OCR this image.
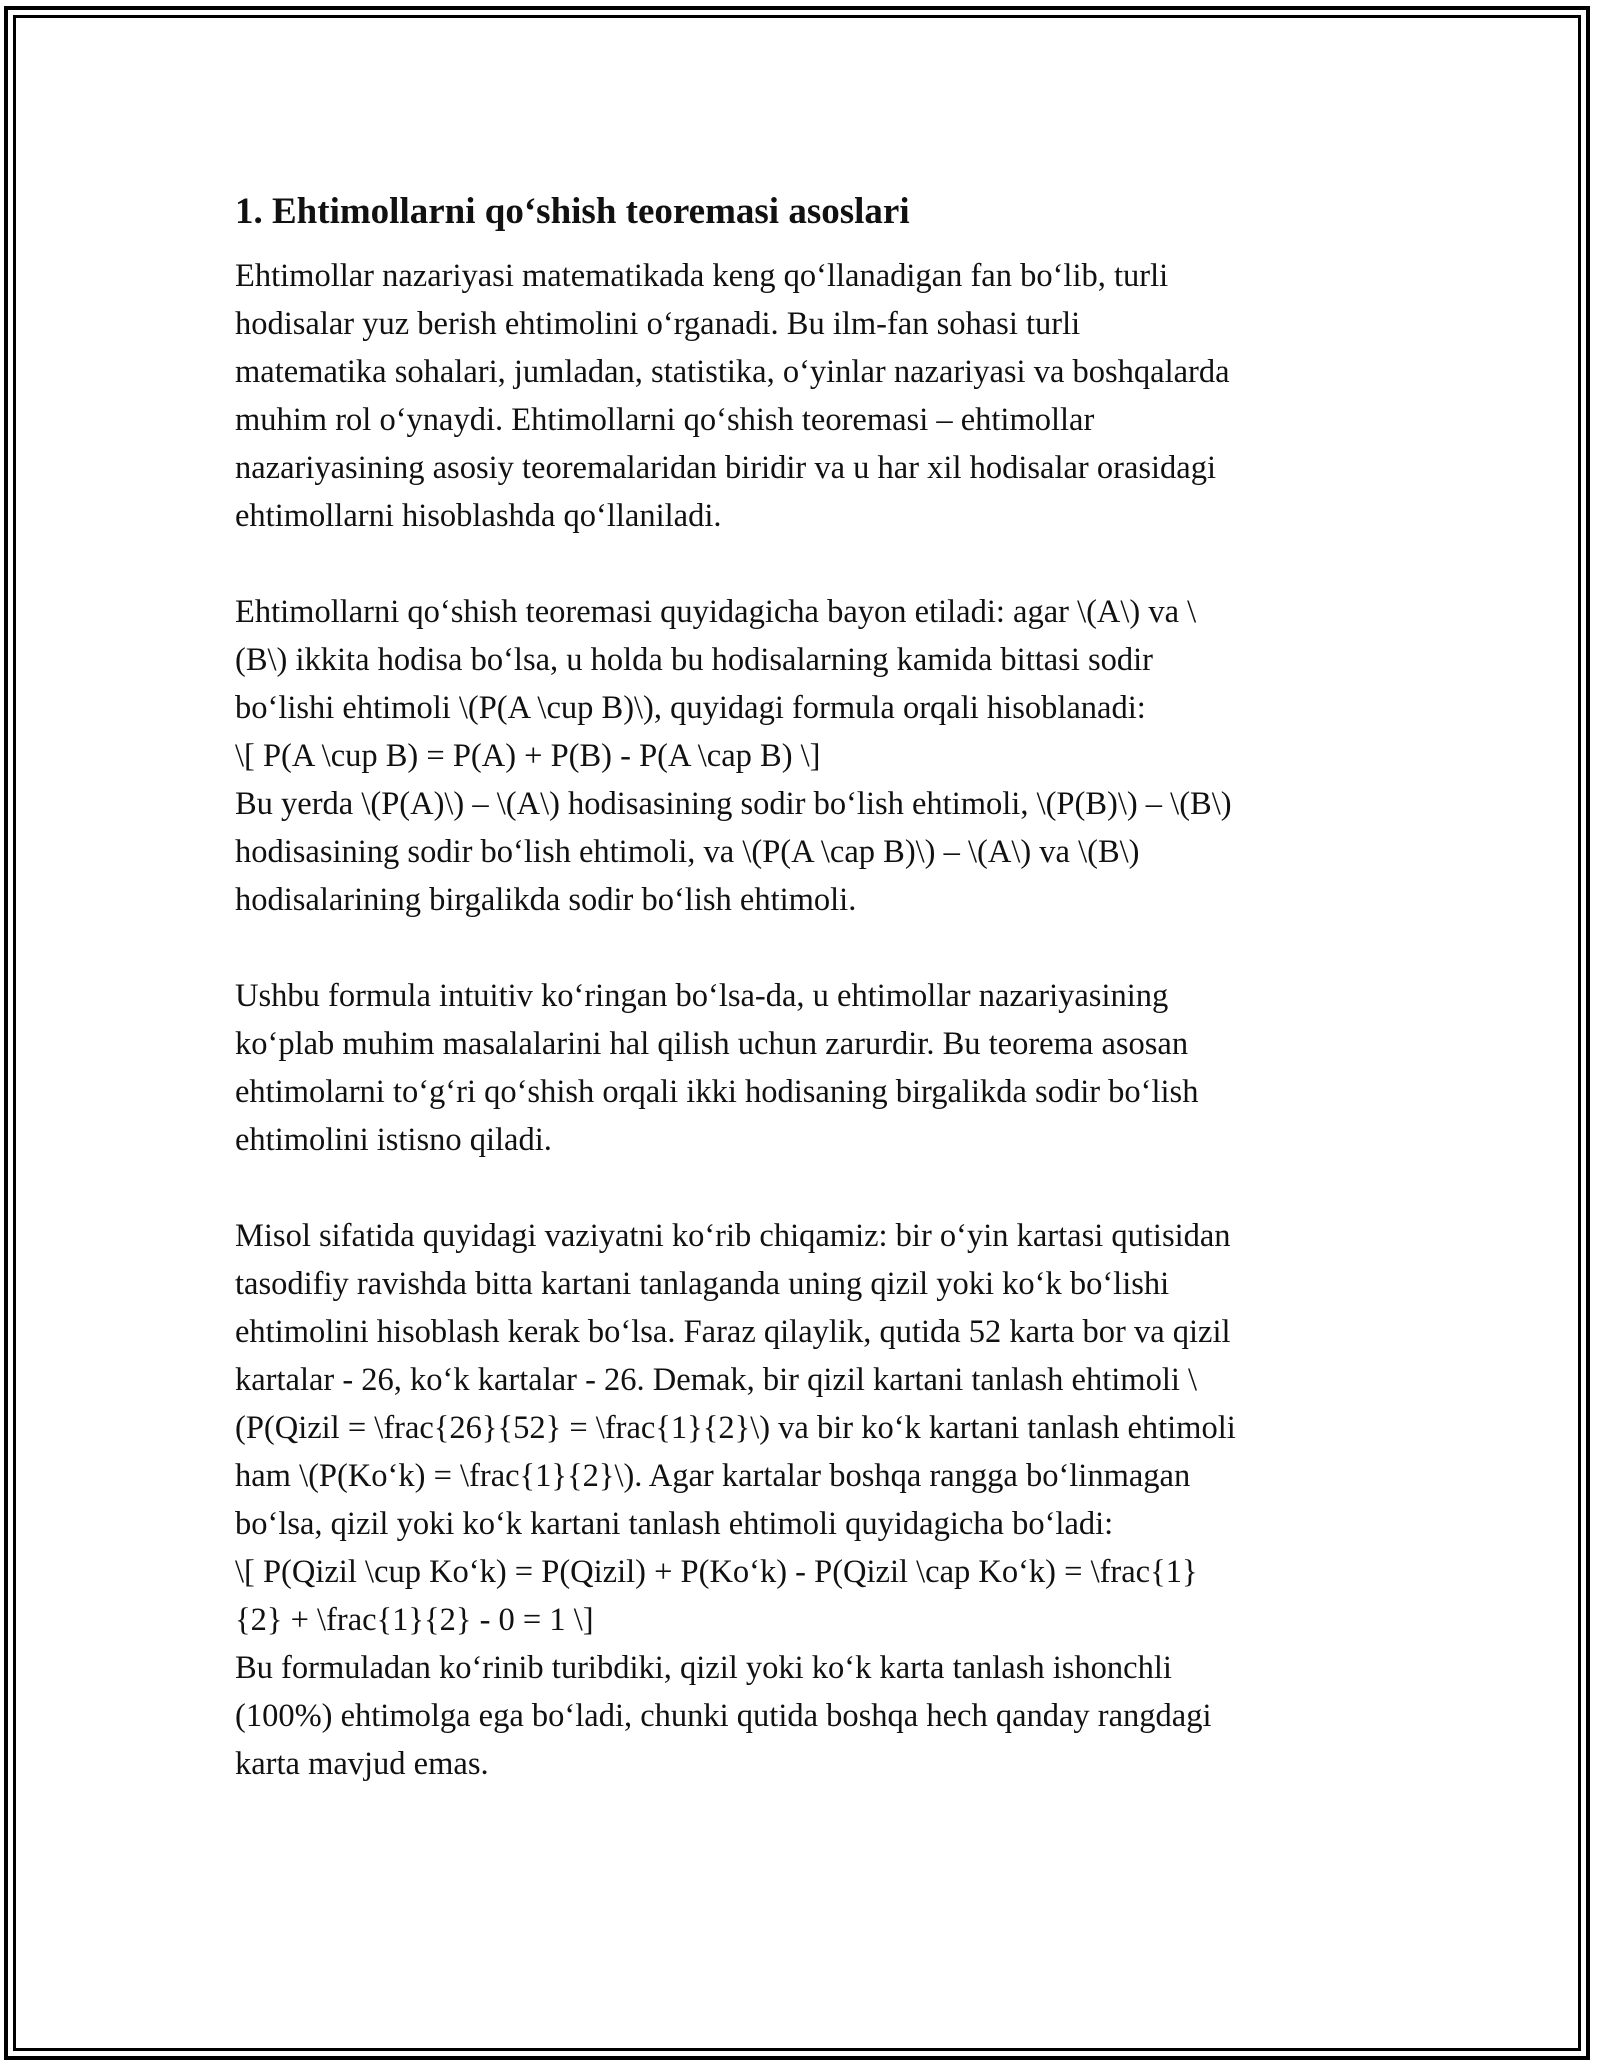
1. Ehtimollarni qo‘shish teoremasi asoslari
Ehtimollar nazariyasi matematikada keng qo‘llanadigan fan bo‘lib, turli
hodisalar yuz berish ehtimolini o‘rganadi. Bu ilm-fan sohasi turli
matematika sohalari, jumladan, statistika, o‘yinlar nazariyasi va boshqalarda
muhim rol o‘ynaydi. Ehtimollarni qo‘shish teoremasi – ehtimollar
nazariyasining asosiy teoremalaridan biridir va u har xil hodisalar orasidagi
ehtimollarni hisoblashda qo‘llaniladi.
Ehtimollarni qo‘shish teoremasi quyidagicha bayon etiladi: agar \(A\) va \
(B\) ikkita hodisa bo‘lsa, u holda bu hodisalarning kamida bittasi sodir
bo‘lishi ehtimoli \(P(A \cup B)\), quyidagi formula orqali hisoblanadi:
\[ P(A \cup B) = P(A) + P(B) - P(A \cap B) \]
Bu yerda \(P(A)\) – \(A\) hodisasining sodir bo‘lish ehtimoli, \(P(B)\) – \(B\)
hodisasining sodir bo‘lish ehtimoli, va \(P(A \cap B)\) – \(A\) va \(B\)
hodisalarining birgalikda sodir bo‘lish ehtimoli.
Ushbu formula intuitiv ko‘ringan bo‘lsa-da, u ehtimollar nazariyasining
ko‘plab muhim masalalarini hal qilish uchun zarurdir. Bu teorema asosan
ehtimolarni to‘g‘ri qo‘shish orqali ikki hodisaning birgalikda sodir bo‘lish
ehtimolini istisno qiladi.
Misol sifatida quyidagi vaziyatni ko‘rib chiqamiz: bir o‘yin kartasi qutisidan
tasodifiy ravishda bitta kartani tanlaganda uning qizil yoki ko‘k bo‘lishi
ehtimolini hisoblash kerak bo‘lsa. Faraz qilaylik, qutida 52 karta bor va qizil
kartalar - 26, ko‘k kartalar - 26. Demak, bir qizil kartani tanlash ehtimoli \
(P(Qizil = \frac{26}{52} = \frac{1}{2}\) va bir ko‘k kartani tanlash ehtimoli
ham \(P(Ko‘k) = \frac{1}{2}\). Agar kartalar boshqa rangga bo‘linmagan
bo‘lsa, qizil yoki ko‘k kartani tanlash ehtimoli quyidagicha bo‘ladi:
\[ P(Qizil \cup Ko‘k) = P(Qizil) + P(Ko‘k) - P(Qizil \cap Ko‘k) = \frac{1}
{2} + \frac{1}{2} - 0 = 1 \]
Bu formuladan ko‘rinib turibdiki, qizil yoki ko‘k karta tanlash ishonchli
(100%) ehtimolga ega bo‘ladi, chunki qutida boshqa hech qanday rangdagi
karta mavjud emas.
